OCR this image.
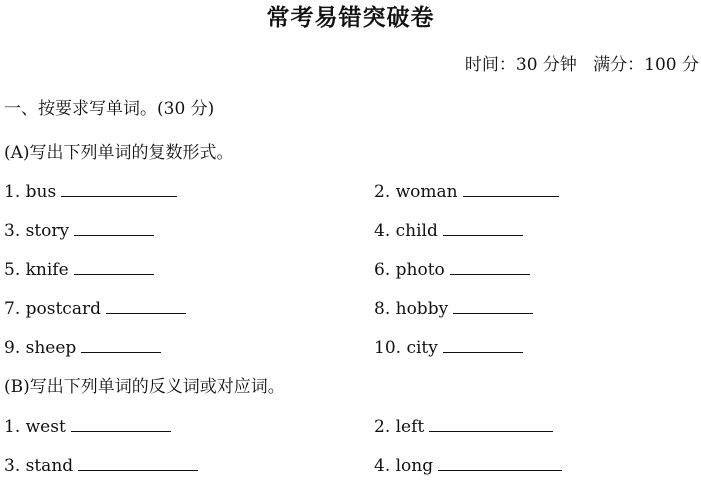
常考易错突破卷
时间：30 分钟 满分：100 分
一、按要求写单词。(30 分)
(A)写出下列单词的复数形式。
1. bus	2. woman
3. story	4. child
5. knife	6. photo
7. postcard	8. hobby
9. sheep	10. city
(B)写出下列单词的反义词或对应词。
1. west	2. left
3. stand	4. long
